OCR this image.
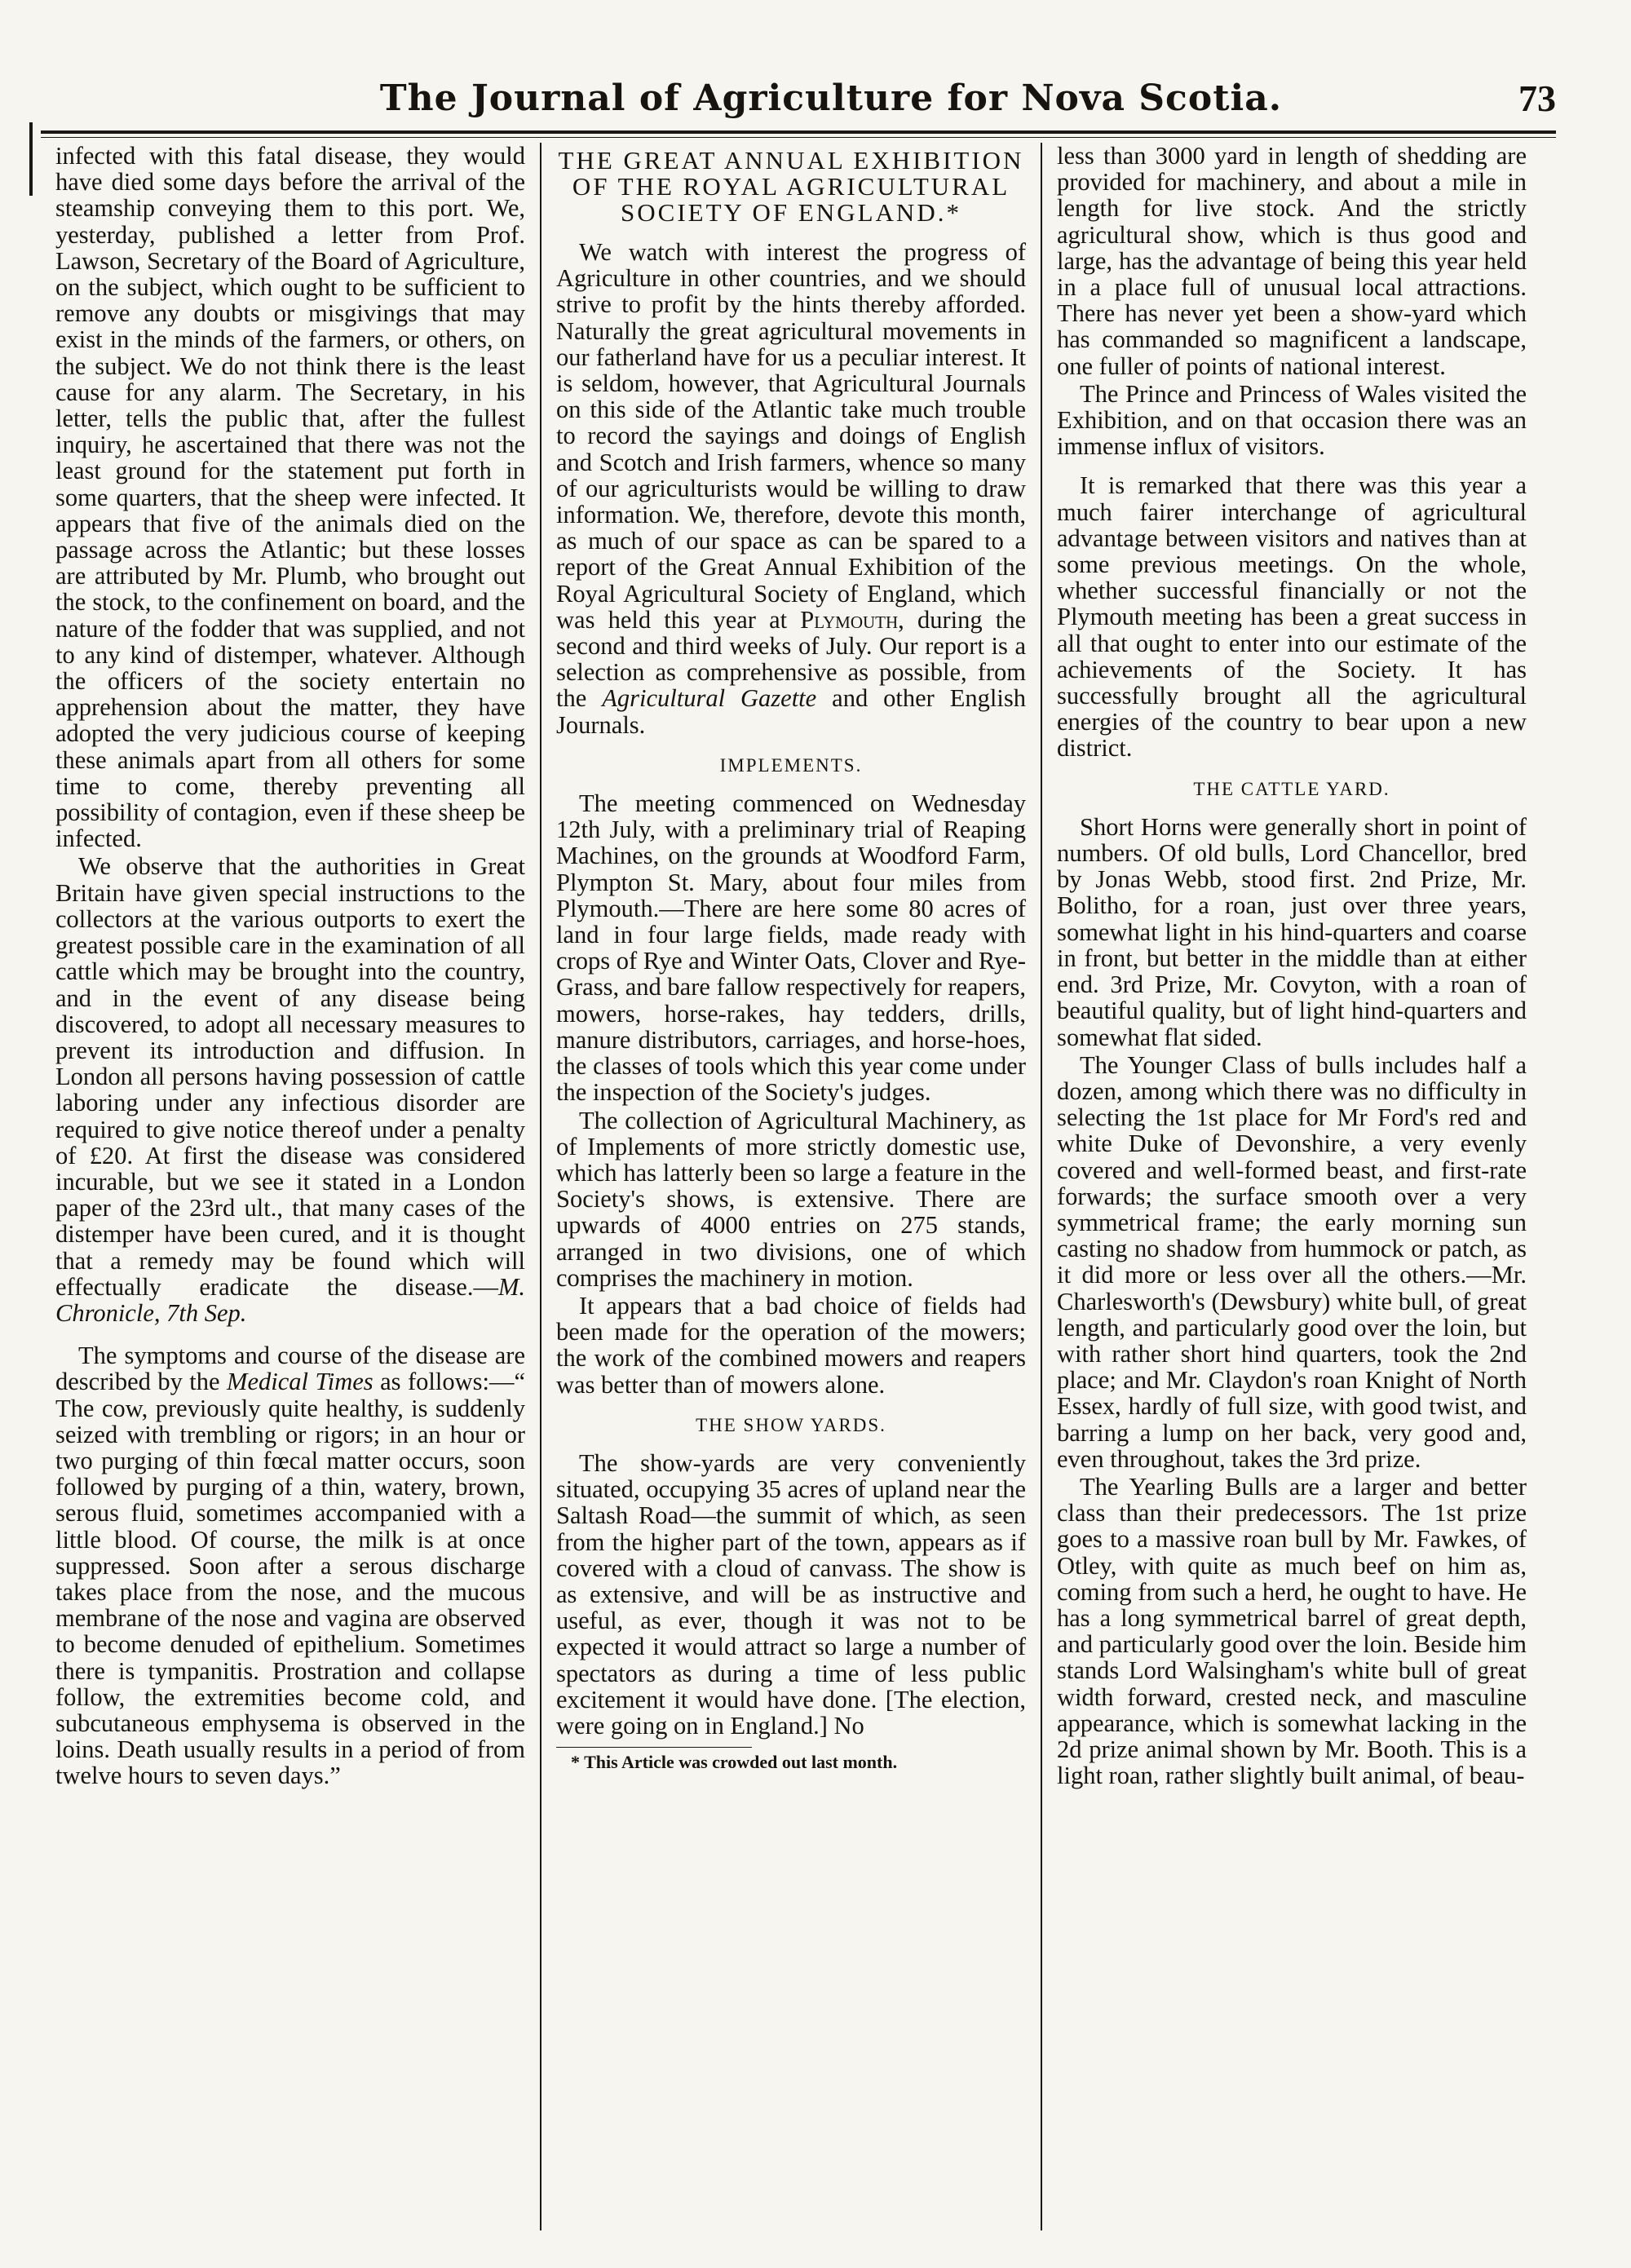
The Journal of Agriculture for Nova Scotia.	73

infected with this fatal disease, they would have died some days before the arrival of the steamship conveying them to this port. We, yesterday, published a letter from Prof. Lawson, Secretary of the Board of Agriculture, on the subject, which ought to be sufficient to remove any doubts or misgivings that may exist in the minds of the farmers, or others, on the subject. We do not think there is the least cause for any alarm. The Secretary, in his letter, tells the public that, after the fullest inquiry, he ascertained that there was not the least ground for the statement put forth in some quarters, that the sheep were infected. It appears that five of the animals died on the passage across the Atlantic; but these losses are attributed by Mr. Plumb, who brought out the stock, to the confinement on board, and the nature of the fodder that was supplied, and not to any kind of distemper, whatever. Although the officers of the society entertain no apprehension about the matter, they have adopted the very judicious course of keeping these animals apart from all others for some time to come, thereby preventing all possibility of contagion, even if these sheep be infected.

We observe that the authorities in Great Britain have given special instructions to the collectors at the various outports to exert the greatest possible care in the examination of all cattle which may be brought into the country, and in the event of any disease being discovered, to adopt all necessary measures to prevent its introduction and diffusion. In London all persons having possession of cattle laboring under any infectious disorder are required to give notice thereof under a penalty of £20. At first the disease was considered incurable, but we see it stated in a London paper of the 23rd ult., that many cases of the distemper have been cured, and it is thought that a remedy may be found which will effectually eradicate the disease.—M. Chronicle, 7th Sep.

The symptoms and course of the disease are described by the Medical Times as follows:—“ The cow, previously quite healthy, is suddenly seized with trembling or rigors; in an hour or two purging of thin fœcal matter occurs, soon followed by purging of a thin, watery, brown, serous fluid, sometimes accompanied with a little blood. Of course, the milk is at once suppressed. Soon after a serous discharge takes place from the nose, and the mucous membrane of the nose and vagina are observed to become denuded of epithelium. Sometimes there is tympanitis. Prostration and collapse follow, the extremities become cold, and subcutaneous emphysema is observed in the loins. Death usually results in a period of from twelve hours to seven days.”

THE GREAT ANNUAL EXHIBITION OF THE ROYAL AGRICULTURAL SOCIETY OF ENGLAND.*

We watch with interest the progress of Agriculture in other countries, and we should strive to profit by the hints thereby afforded. Naturally the great agricultural movements in our fatherland have for us a peculiar interest. It is seldom, however, that Agricultural Journals on this side of the Atlantic take much trouble to record the sayings and doings of English and Scotch and Irish farmers, whence so many of our agriculturists would be willing to draw information. We, therefore, devote this month, as much of our space as can be spared to a report of the Great Annual Exhibition of the Royal Agricultural Society of England, which was held this year at Plymouth, during the second and third weeks of July. Our report is a selection as comprehensive as possible, from the Agricultural Gazette and other English Journals.

IMPLEMENTS.

The meeting commenced on Wednesday 12th July, with a preliminary trial of Reaping Machines, on the grounds at Woodford Farm, Plympton St. Mary, about four miles from Plymouth.—There are here some 80 acres of land in four large fields, made ready with crops of Rye and Winter Oats, Clover and Rye-Grass, and bare fallow respectively for reapers, mowers, horse-rakes, hay tedders, drills, manure distributors, carriages, and horse-hoes, the classes of tools which this year come under the inspection of the Society's judges.

The collection of Agricultural Machinery, as of Implements of more strictly domestic use, which has latterly been so large a feature in the Society's shows, is extensive. There are upwards of 4000 entries on 275 stands, arranged in two divisions, one of which comprises the machinery in motion.

It appears that a bad choice of fields had been made for the operation of the mowers; the work of the combined mowers and reapers was better than of mowers alone.

THE SHOW YARDS.

The show-yards are very conveniently situated, occupying 35 acres of upland near the Saltash Road—the summit of which, as seen from the higher part of the town, appears as if covered with a cloud of canvass. The show is as extensive, and will be as instructive and useful, as ever, though it was not to be expected it would attract so large a number of spectators as during a time of less public excitement it would have done. [The election, were going on in England.] No

* This Article was crowded out last month.

less than 3000 yard in length of shedding are provided for machinery, and about a mile in length for live stock. And the strictly agricultural show, which is thus good and large, has the advantage of being this year held in a place full of unusual local attractions. There has never yet been a show-yard which has commanded so magnificent a landscape, one fuller of points of national interest.

The Prince and Princess of Wales visited the Exhibition, and on that occasion there was an immense influx of visitors.

It is remarked that there was this year a much fairer interchange of agricultural advantage between visitors and natives than at some previous meetings. On the whole, whether successful financially or not the Plymouth meeting has been a great success in all that ought to enter into our estimate of the achievements of the Society. It has successfully brought all the agricultural energies of the country to bear upon a new district.

THE CATTLE YARD.

Short Horns were generally short in point of numbers. Of old bulls, Lord Chancellor, bred by Jonas Webb, stood first. 2nd Prize, Mr. Bolitho, for a roan, just over three years, somewhat light in his hind-quarters and coarse in front, but better in the middle than at either end. 3rd Prize, Mr. Covyton, with a roan of beautiful quality, but of light hind-quarters and somewhat flat sided.

The Younger Class of bulls includes half a dozen, among which there was no difficulty in selecting the 1st place for Mr Ford's red and white Duke of Devonshire, a very evenly covered and well-formed beast, and first-rate forwards; the surface smooth over a very symmetrical frame; the early morning sun casting no shadow from hummock or patch, as it did more or less over all the others.—Mr. Charlesworth's (Dewsbury) white bull, of great length, and particularly good over the loin, but with rather short hind quarters, took the 2nd place; and Mr. Claydon's roan Knight of North Essex, hardly of full size, with good twist, and barring a lump on her back, very good and, even throughout, takes the 3rd prize.

The Yearling Bulls are a larger and better class than their predecessors. The 1st prize goes to a massive roan bull by Mr. Fawkes, of Otley, with quite as much beef on him as, coming from such a herd, he ought to have. He has a long symmetrical barrel of great depth, and particularly good over the loin. Beside him stands Lord Walsingham's white bull of great width forward, crested neck, and masculine appearance, which is somewhat lacking in the 2d prize animal shown by Mr. Booth. This is a light roan, rather slightly built animal, of beau-
